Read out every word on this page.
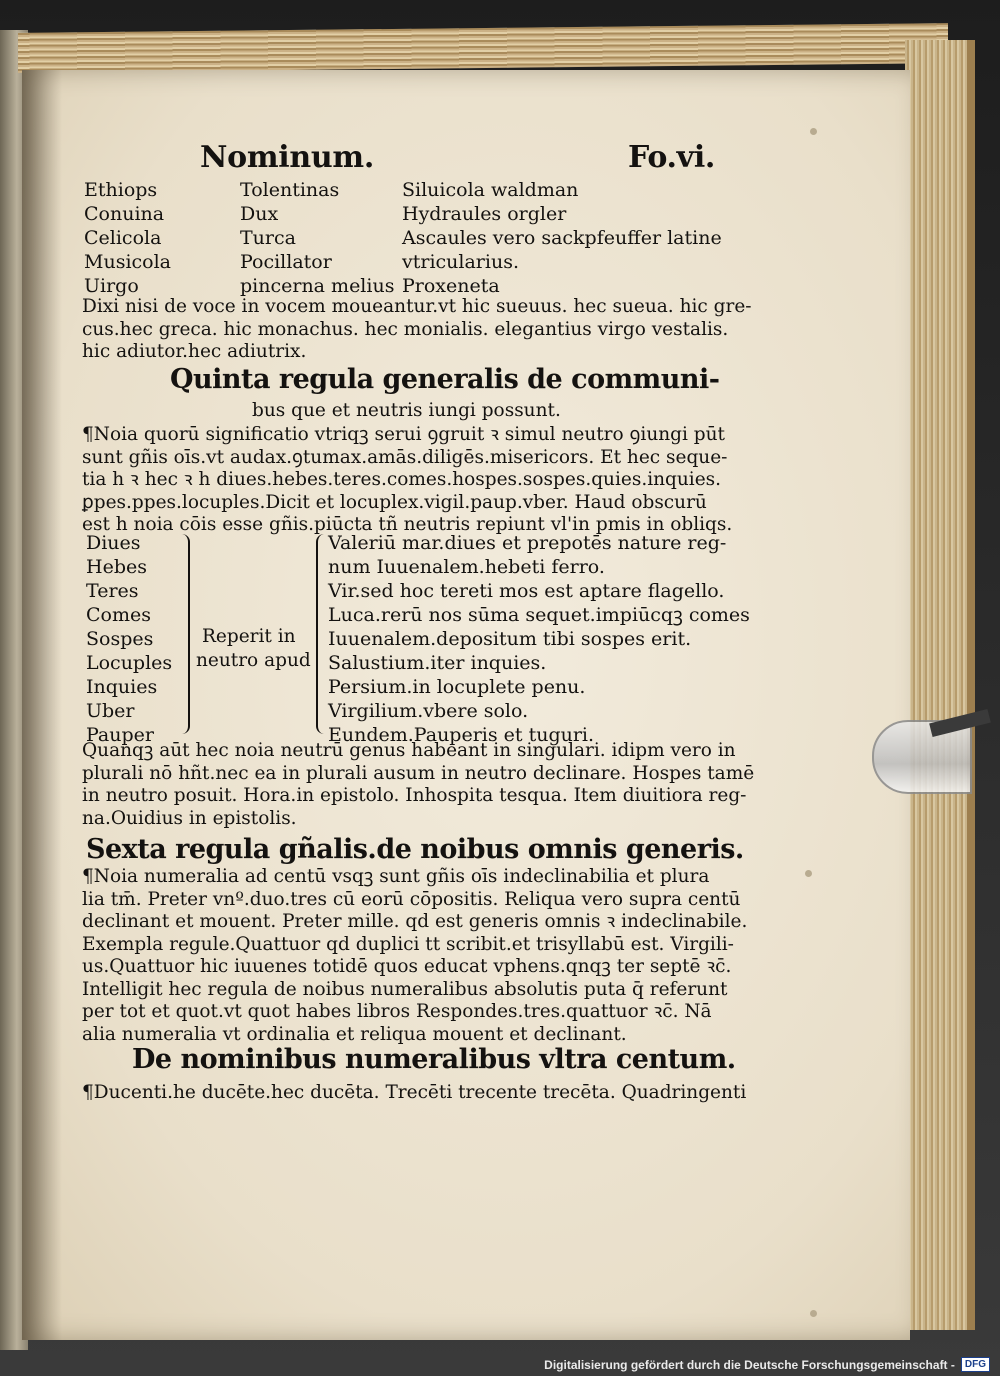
Nominum.	Fo.vi.
Ethiops
Conuina
Celicola
Musicola
Uirgo
Tolentinas
Dux
Turca
Pocillator
pincerna melius
Siluicola waldman
Hydraules orgler
Ascaules vero sackpfeuffer latine
vtricularius.
Proxeneta
Dixi nisi de voce in vocem moueantur.vt hic sueuus. hec sueua. hic gre-
cus.hec greca. hic monachus. hec monialis. elegantius virgo vestalis.
hic adiutor.hec adiutrix.
Quinta regula generalis de communi-
bus que et neutris iungi possunt.
¶Noia quorū significatio vtriqꝫ serui ꝯgruit ꝛ simul neutro ꝯiungi pūt
sunt gñis oīs.vt audax.ꝯtumax.amās.diligēs.misericors. Et hec seque-
tia h ꝛ hec ꝛ h diues.hebes.teres.comes.hospes.sospes.quies.inquies.
ꝑpes.ppes.locuples.Dicit et locuplex.vigil.paup.vber. Haud obscurū
est h noia cōis esse gñis.piūcta tñ neutris repiunt vl'in pmis in obliqs.
Diues
Hebes
Teres
Comes
Sospes
Locuples
Inquies
Uber
Pauper
Reperit in
neutro apud
Valeriū mar.diues et prepotēs nature reg-
num Iuuenalem.hebeti ferro.
Vir.sed hoc tereti mos est aptare flagello.
Luca.rerū nos sūma sequet.impiūcqꝫ comes
Iuuenalem.depositum tibi sospes erit.
Salustium.iter inquies.
Persium.in locuplete penu.
Virgilium.vbere solo.
Eundem.Pauperis et tuguri.
Quanqꝫ aūt hec noia neutrū genus habeant in singulari. idipm vero in
plurali nō hñt.nec ea in plurali ausum in neutro declinare. Hospes tamē
in neutro posuit. Hora.in epistolo. Inhospita tesqua. Item diuitiora reg-
na.Ouidius in epistolis.
Sexta regula gñalis.de noibus omnis generis.
¶Noia numeralia ad centū vsqꝫ sunt gñis oīs indeclinabilia et plura
lia tm̄. Preter vnº.duo.tres cū eorū cōpositis. Reliqua vero supra centū
declinant et mouent. Preter mille. qd est generis omnis ꝛ indeclinabile.
Exempla regule.Quattuor qd duplici tt scribit.et trisyllabū est. Virgili-
us.Quattuor hic iuuenes totidē quos educat vphens.qnqꝫ ter septē ꝛc̄.
Intelligit hec regula de noibus numeralibus absolutis puta q̄ referunt
per tot et quot.vt quot habes libros Respondes.tres.quattuor ꝛc̄. Nā
alia numeralia vt ordinalia et reliqua mouent et declinant.
De nominibus numeralibus vltra centum.
¶Ducenti.he ducēte.hec ducēta. Trecēti trecente trecēta. Quadringenti
Digitalisierung gefördert durch die Deutsche Forschungsgemeinschaft -	DFG
